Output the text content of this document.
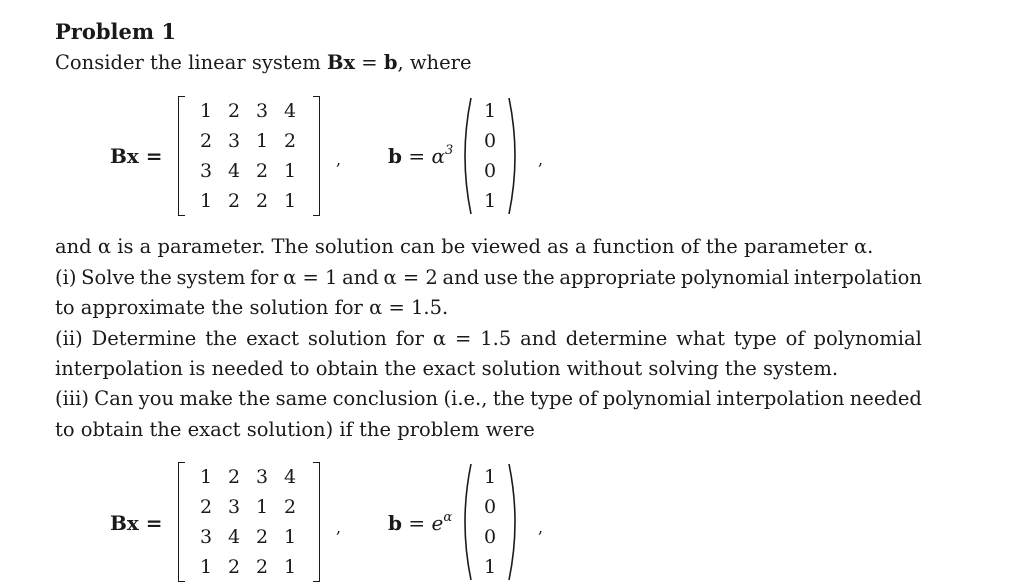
Problem 1
Consider the linear system Bx = b, where
Bx =
1 2 3 4
2 3 1 2
3 4 2 1
1 2 2 1
, $b = \alpha^3$
1
0
0
1
,
and α is a parameter. The solution can be viewed as a function of the parameter α.
(i) Solve the system for α = 1 and α = 2 and use the appropriate polynomial interpolation
to approximate the solution for α = 1.5.
(ii) Determine the exact solution for α = 1.5 and determine what type of polynomial
interpolation is needed to obtain the exact solution without solving the system.
(iii) Can you make the same conclusion (i.e., the type of polynomial interpolation needed
to obtain the exact solution) if the problem were
Bx =
1 2 3 4
2 3 1 2
3 4 2 1
1 2 2 1
, $b = e^\alpha$
1
0
0
1
,
